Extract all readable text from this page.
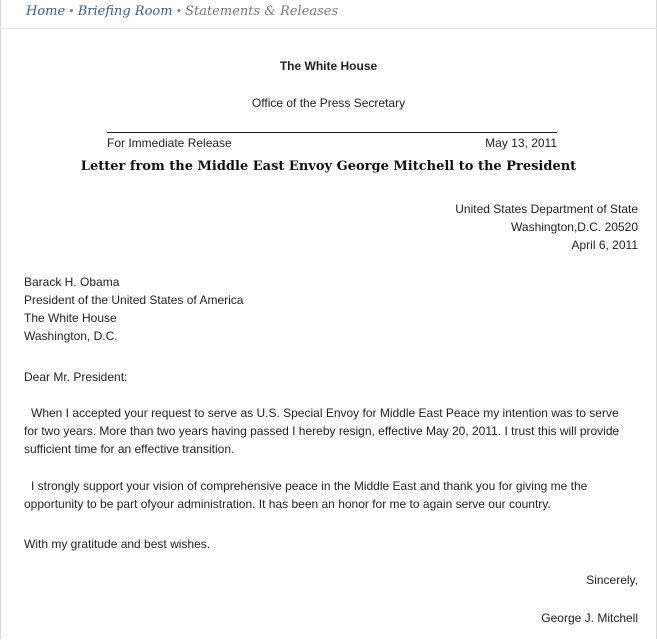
Home • Briefing Room • Statements & Releases
The White House
Office of the Press Secretary
For Immediate Release	May 13, 2011
Letter from the Middle East Envoy George Mitchell to the President
United States Department of State
Washington,D.C. 20520
April 6, 2011
Barack H. Obama
President of the United States of America
The White House
Washington, D.C.
Dear Mr. President:
When I accepted your request to serve as U.S. Special Envoy for Middle East Peace my intention was to serve
for two years. More than two years having passed I hereby resign, effective May 20, 2011. I trust this will provide
sufficient time for an effective transition.
I strongly support your vision of comprehensive peace in the Middle East and thank you for giving me the
opportunity to be part ofyour administration. It has been an honor for me to again serve our country.
With my gratitude and best wishes.
Sincerely,
George J. Mitchell
